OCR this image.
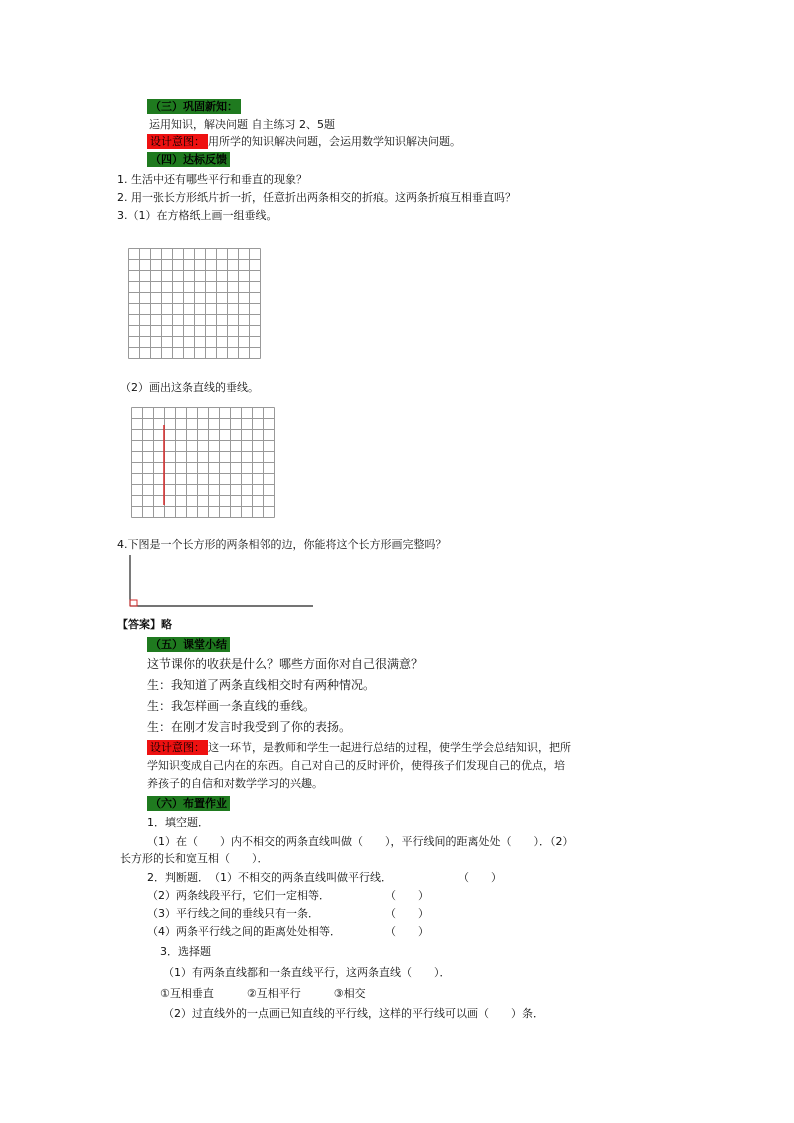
（三）巩固新知：
运用知识，解决问题 自主练习 2、5题
设计意图： 用所学的知识解决问题，会运用数学知识解决问题。
（四）达标反馈
1. 生活中还有哪些平行和垂直的现象？
2. 用一张长方形纸片折一折，任意折出两条相交的折痕。这两条折痕互相垂直吗？
3.（1）在方格纸上画一组垂线。
（2）画出这条直线的垂线。
4.下图是一个长方形的两条相邻的边，你能将这个长方形画完整吗？
【答案】略
（五）课堂小结
这节课你的收获是什么？哪些方面你对自己很满意？
生：我知道了两条直线相交时有两种情况。
生：我怎样画一条直线的垂线。
生：在刚才发言时我受到了你的表扬。
设计意图： 这一环节，是教师和学生一起进行总结的过程，使学生学会总结知识，把所
学知识变成自己内在的东西。自己对自己的反时评价，使得孩子们发现自己的优点，培
养孩子的自信和对数学学习的兴趣。
（六）布置作业
1．填空题．
（1）在（　　）内不相交的两条直线叫做（　　），平行线间的距离处处（　　）．（2）
长方形的长和宽互相（　　）．
2．判断题．　（1）不相交的两条直线叫做平行线．　　　　　　　（　　）
（2）两条线段平行，它们一定相等．　　　　　　（　　）
（3）平行线之间的垂线只有一条．　　　　　　　（　　）
（4）两条平行线之间的距离处处相等．　　　　　（　　）
3．选择题
（1）有两条直线都和一条直线平行，这两条直线（　　）．
①互相垂直　　　②互相平行　　　③相交
（2）过直线外的一点画已知直线的平行线，这样的平行线可以画（　　）条．
